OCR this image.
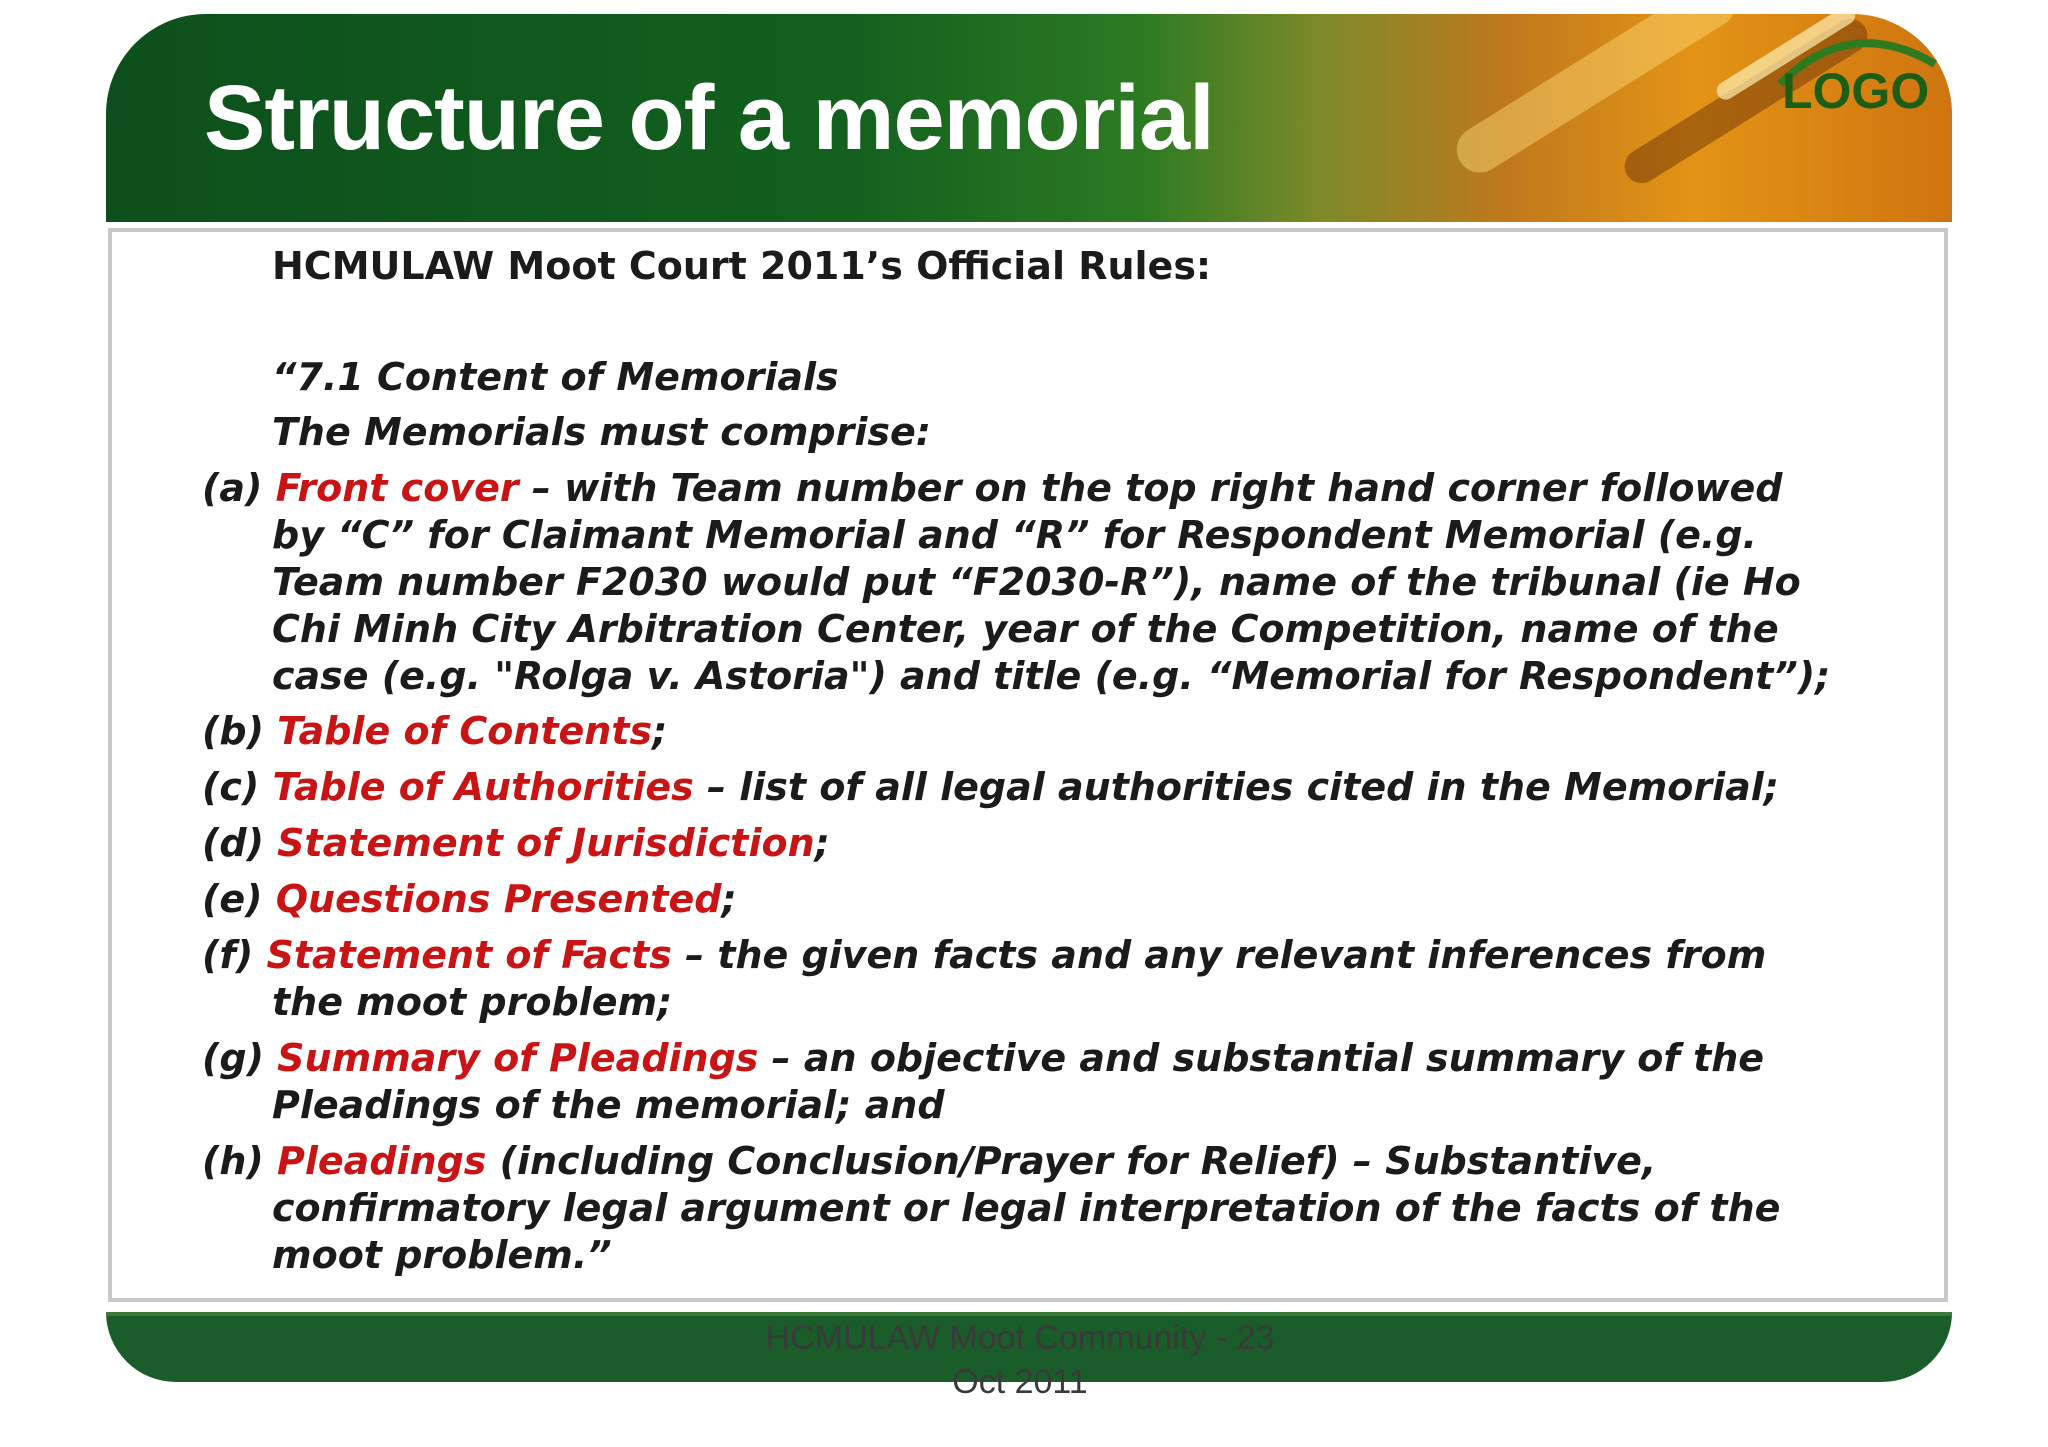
Structure of a memorial	LOGO
HCMULAW Moot Court 2011’s Official Rules:
“7.1 Content of Memorials
The Memorials must comprise:
(a) Front cover – with Team number on the top right hand corner followed
by “C” for Claimant Memorial and “R” for Respondent Memorial (e.g.
Team number F2030 would put “F2030-R”), name of the tribunal (ie Ho
Chi Minh City Arbitration Center, year of the Competition, name of the
case (e.g. "Rolga v. Astoria") and title (e.g. “Memorial for Respondent”);
(b) Table of Contents;
(c) Table of Authorities – list of all legal authorities cited in the Memorial;
(d) Statement of Jurisdiction;
(e) Questions Presented;
(f) Statement of Facts – the given facts and any relevant inferences from
the moot problem;
(g) Summary of Pleadings – an objective and substantial summary of the
Pleadings of the memorial; and
(h) Pleadings (including Conclusion/Prayer for Relief) – Substantive,
confirmatory legal argument or legal interpretation of the facts of the
moot problem.”
HCMULAW Moot Community - 23
Oct 2011
